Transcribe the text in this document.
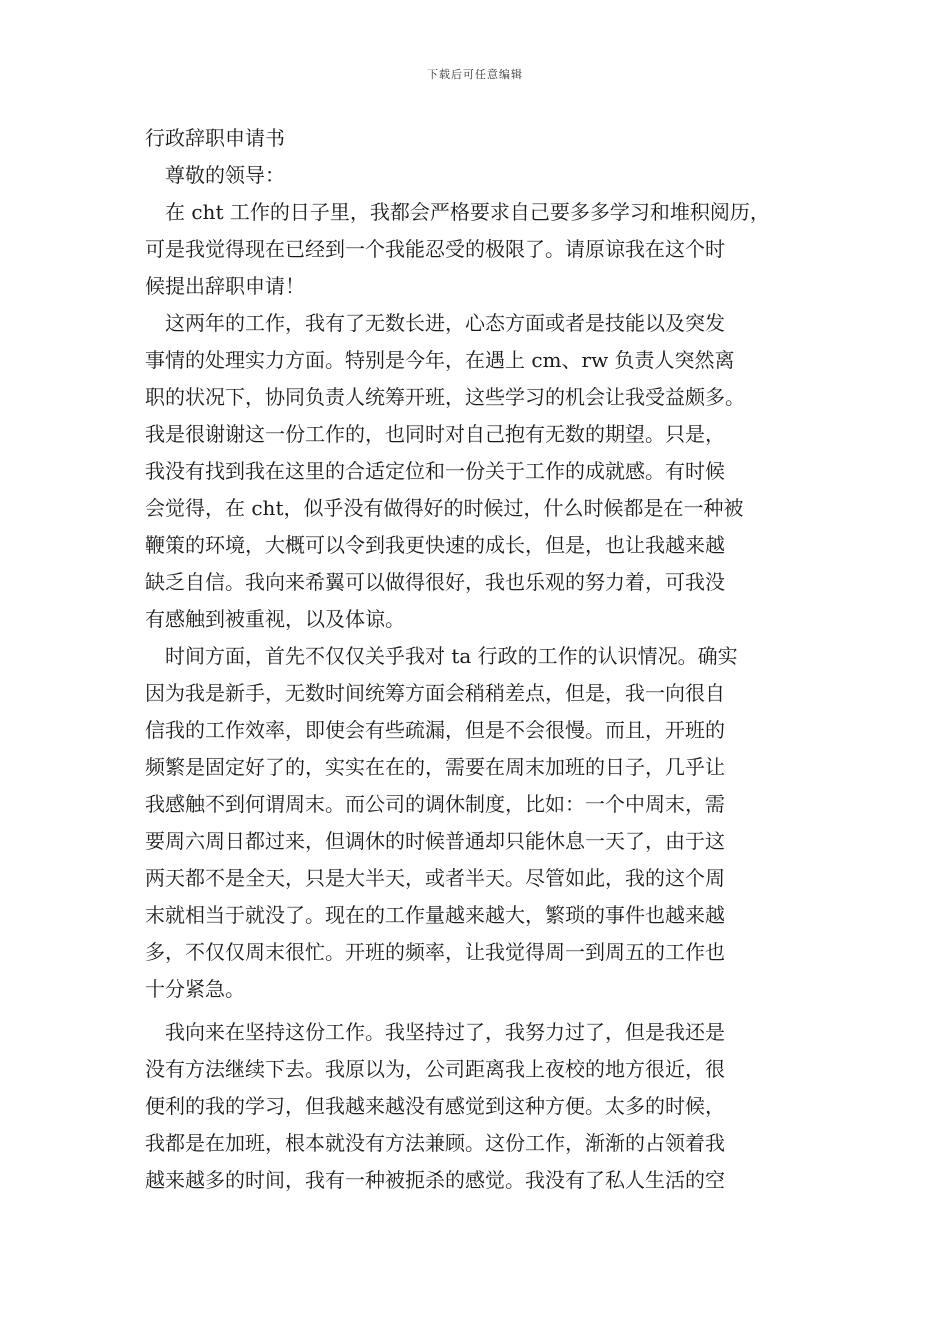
下载后可任意编辑
行政辞职申请书
尊敬的领导：
在 cht 工作的日子里，我都会严格要求自己要多多学习和堆积阅历，
可是我觉得现在已经到一个我能忍受的极限了。请原谅我在这个时
候提出辞职申请！
这两年的工作，我有了无数长进，心态方面或者是技能以及突发
事情的处理实力方面。特别是今年，在遇上 cm、rw 负责人突然离
职的状况下，协同负责人统筹开班，这些学习的机会让我受益颇多。
我是很谢谢这一份工作的，也同时对自己抱有无数的期望。只是，
我没有找到我在这里的合适定位和一份关于工作的成就感。有时候
会觉得，在 cht，似乎没有做得好的时候过，什么时候都是在一种被
鞭策的环境，大概可以令到我更快速的成长，但是，也让我越来越
缺乏自信。我向来希翼可以做得很好，我也乐观的努力着，可我没
有感触到被重视，以及体谅。
时间方面，首先不仅仅关乎我对 ta 行政的工作的认识情况。确实
因为我是新手，无数时间统筹方面会稍稍差点，但是，我一向很自
信我的工作效率，即使会有些疏漏，但是不会很慢。而且，开班的
频繁是固定好了的，实实在在的，需要在周末加班的日子，几乎让
我感触不到何谓周末。而公司的调休制度，比如：一个中周末，需
要周六周日都过来，但调休的时候普通却只能休息一天了，由于这
两天都不是全天，只是大半天，或者半天。尽管如此，我的这个周
末就相当于就没了。现在的工作量越来越大，繁琐的事件也越来越
多，不仅仅周末很忙。开班的频率，让我觉得周一到周五的工作也
十分紧急。
我向来在坚持这份工作。我坚持过了，我努力过了，但是我还是
没有方法继续下去。我原以为，公司距离我上夜校的地方很近，很
便利的我的学习，但我越来越没有感觉到这种方便。太多的时候，
我都是在加班，根本就没有方法兼顾。这份工作，渐渐的占领着我
越来越多的时间，我有一种被扼杀的感觉。我没有了私人生活的空
